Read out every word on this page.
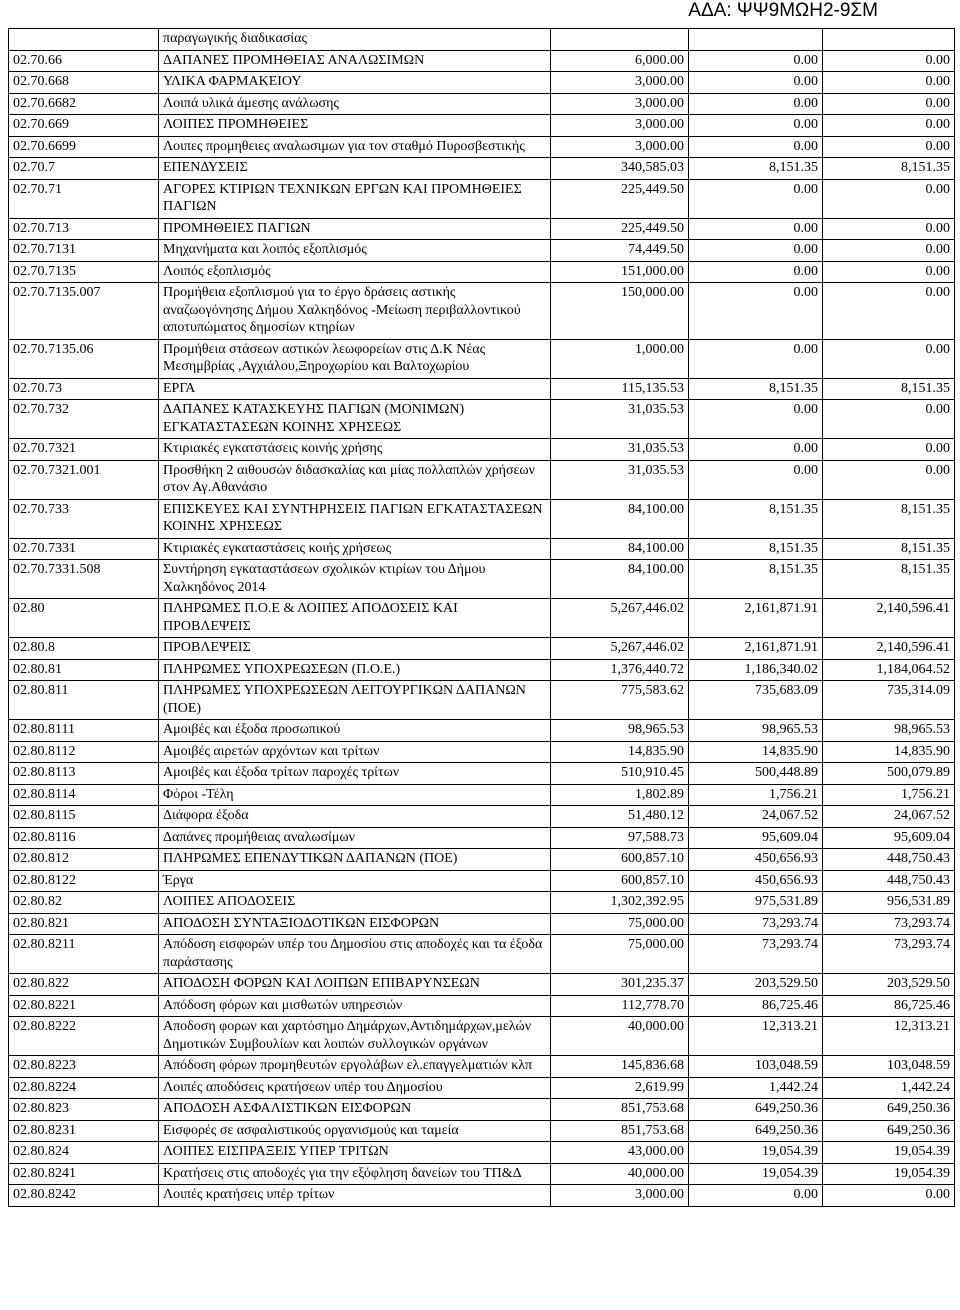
ΑΔΑ: ΨΨ9ΜΩΗ2-9ΣΜ
	παραγωγικής διαδικασίας			
02.70.66	ΔΑΠΑΝΕΣ ΠΡΟΜΗΘΕΙΑΣ ΑΝΑΛΩΣΙΜΩΝ	6,000.00	0.00	0.00
02.70.668	ΥΛΙΚΑ ΦΑΡΜΑΚΕΙΟΥ	3,000.00	0.00	0.00
02.70.6682	Λοιπά υλικά άμεσης ανάλωσης	3,000.00	0.00	0.00
02.70.669	ΛΟΙΠΕΣ ΠΡΟΜΗΘΕΙΕΣ	3,000.00	0.00	0.00
02.70.6699	Λοιπες προμηθειες αναλωσιμων για τον σταθμό Πυροσβεστικής	3,000.00	0.00	0.00
02.70.7	ΕΠΕΝΔΥΣΕΙΣ	340,585.03	8,151.35	8,151.35
02.70.71	ΑΓΟΡΕΣ ΚΤΙΡΙΩΝ ΤΕΧΝΙΚΩΝ ΕΡΓΩΝ ΚΑΙ ΠΡΟΜΗΘΕΙΕΣ ΠΑΓΙΩΝ	225,449.50	0.00	0.00
02.70.713	ΠΡΟΜΗΘΕΙΕΣ ΠΑΓΙΩΝ	225,449.50	0.00	0.00
02.70.7131	Μηχανήματα και λοιπός εξοπλισμός	74,449.50	0.00	0.00
02.70.7135	Λοιπός εξοπλισμός	151,000.00	0.00	0.00
02.70.7135.007	Προμήθεια εξοπλισμού για το έργο δράσεις αστικής αναζωογόνησης Δήμου Χαλκηδόνος -Μείωση περιβαλλοντικού αποτυπώματος δημοσίων κτηρίων	150,000.00	0.00	0.00
02.70.7135.06	Προμήθεια στάσεων αστικών λεωφορείων στις Δ.Κ Νέας Μεσημβρίας ,Αγχιάλου,Ξηροχωρίου και Βαλτοχωρίου	1,000.00	0.00	0.00
02.70.73	ΕΡΓΑ	115,135.53	8,151.35	8,151.35
02.70.732	ΔΑΠΑΝΕΣ ΚΑΤΑΣΚΕΥΗΣ ΠΑΓΙΩΝ (ΜΟΝΙΜΩΝ) ΕΓΚΑΤΑΣΤΑΣΕΩΝ ΚΟΙΝΗΣ ΧΡΗΣΕΩΣ	31,035.53	0.00	0.00
02.70.7321	Κτιριακές εγκατστάσεις κοινής χρήσης	31,035.53	0.00	0.00
02.70.7321.001	Προσθήκη 2 αιθουσών διδασκαλίας και μίας πολλαπλών χρήσεων στον Αγ.Αθανάσιο	31,035.53	0.00	0.00
02.70.733	ΕΠΙΣΚΕΥΕΣ ΚΑΙ ΣΥΝΤΗΡΗΣΕΙΣ ΠΑΓΙΩΝ ΕΓΚΑΤΑΣΤΑΣΕΩΝ ΚΟΙΝΗΣ ΧΡΗΣΕΩΣ	84,100.00	8,151.35	8,151.35
02.70.7331	Κτιριακές εγκαταστάσεις κοιής χρήσεως	84,100.00	8,151.35	8,151.35
02.70.7331.508	Συντήρηση εγκαταστάσεων σχολικών κτιρίων του Δήμου Χαλκηδόνος 2014	84,100.00	8,151.35	8,151.35
02.80	ΠΛΗΡΩΜΕΣ Π.Ο.Ε & ΛΟΙΠΕΣ ΑΠΟΔΟΣΕΙΣ ΚΑΙ ΠΡΟΒΛΕΨΕΙΣ	5,267,446.02	2,161,871.91	2,140,596.41
02.80.8	ΠΡΟΒΛΕΨΕΙΣ	5,267,446.02	2,161,871.91	2,140,596.41
02.80.81	ΠΛΗΡΩΜΕΣ ΥΠΟΧΡΕΩΣΕΩΝ (Π.Ο.Ε.)	1,376,440.72	1,186,340.02	1,184,064.52
02.80.811	ΠΛΗΡΩΜΕΣ ΥΠΟΧΡΕΩΣΕΩΝ ΛΕΙΤΟΥΡΓΙΚΩΝ ΔΑΠΑΝΩΝ (ΠΟΕ)	775,583.62	735,683.09	735,314.09
02.80.8111	Αμοιβές και έξοδα προσωπικού	98,965.53	98,965.53	98,965.53
02.80.8112	Αμοιβές αιρετών αρχόντων και τρίτων	14,835.90	14,835.90	14,835.90
02.80.8113	Αμοιβές και έξοδα τρίτων παροχές τρίτων	510,910.45	500,448.89	500,079.89
02.80.8114	Φόροι -Τέλη	1,802.89	1,756.21	1,756.21
02.80.8115	Διάφορα έξοδα	51,480.12	24,067.52	24,067.52
02.80.8116	Δαπάνες προμήθειας αναλωσίμων	97,588.73	95,609.04	95,609.04
02.80.812	ΠΛΗΡΩΜΕΣ ΕΠΕΝΔΥΤΙΚΩΝ ΔΑΠΑΝΩΝ (ΠΟΕ)	600,857.10	450,656.93	448,750.43
02.80.8122	Έργα	600,857.10	450,656.93	448,750.43
02.80.82	ΛΟΙΠΕΣ ΑΠΟΔΟΣΕΙΣ	1,302,392.95	975,531.89	956,531.89
02.80.821	ΑΠΟΔΟΣΗ ΣΥΝΤΑΞΙΟΔΟΤΙΚΩΝ ΕΙΣΦΟΡΩΝ	75,000.00	73,293.74	73,293.74
02.80.8211	Απόδοση εισφορών υπέρ του Δημοσίου στις αποδοχές και τα έξοδα παράστασης	75,000.00	73,293.74	73,293.74
02.80.822	ΑΠΟΔΟΣΗ ΦΟΡΩΝ ΚΑΙ ΛΟΙΠΩΝ ΕΠΙΒΑΡΥΝΣΕΩΝ	301,235.37	203,529.50	203,529.50
02.80.8221	Απόδοση φόρων και μισθωτών υπηρεσιών	112,778.70	86,725.46	86,725.46
02.80.8222	Αποδοση φορων και χαρτόσημο Δημάρχων,Αντιδημάρχων,μελών Δημοτικών Συμβουλίων και λοιπών συλλογικών οργάνων	40,000.00	12,313.21	12,313.21
02.80.8223	Απόδοση φόρων προμηθευτών εργολάβων ελ.επαγγελματιών κλπ	145,836.68	103,048.59	103,048.59
02.80.8224	Λοιπές αποδόσεις κρατήσεων υπέρ του Δημοσίου	2,619.99	1,442.24	1,442.24
02.80.823	ΑΠΟΔΟΣΗ ΑΣΦΑΛΙΣΤΙΚΩΝ ΕΙΣΦΟΡΩΝ	851,753.68	649,250.36	649,250.36
02.80.8231	Εισφορές σε ασφαλιστικούς οργανισμούς και ταμεία	851,753.68	649,250.36	649,250.36
02.80.824	ΛΟΙΠΕΣ ΕΙΣΠΡΑΞΕΙΣ ΥΠΕΡ ΤΡΙΤΩΝ	43,000.00	19,054.39	19,054.39
02.80.8241	Κρατήσεις στις αποδοχές για την εξόφληση δανείων του ΤΠ&Δ	40,000.00	19,054.39	19,054.39
02.80.8242	Λοιπές κρατήσεις υπέρ τρίτων	3,000.00	0.00	0.00
